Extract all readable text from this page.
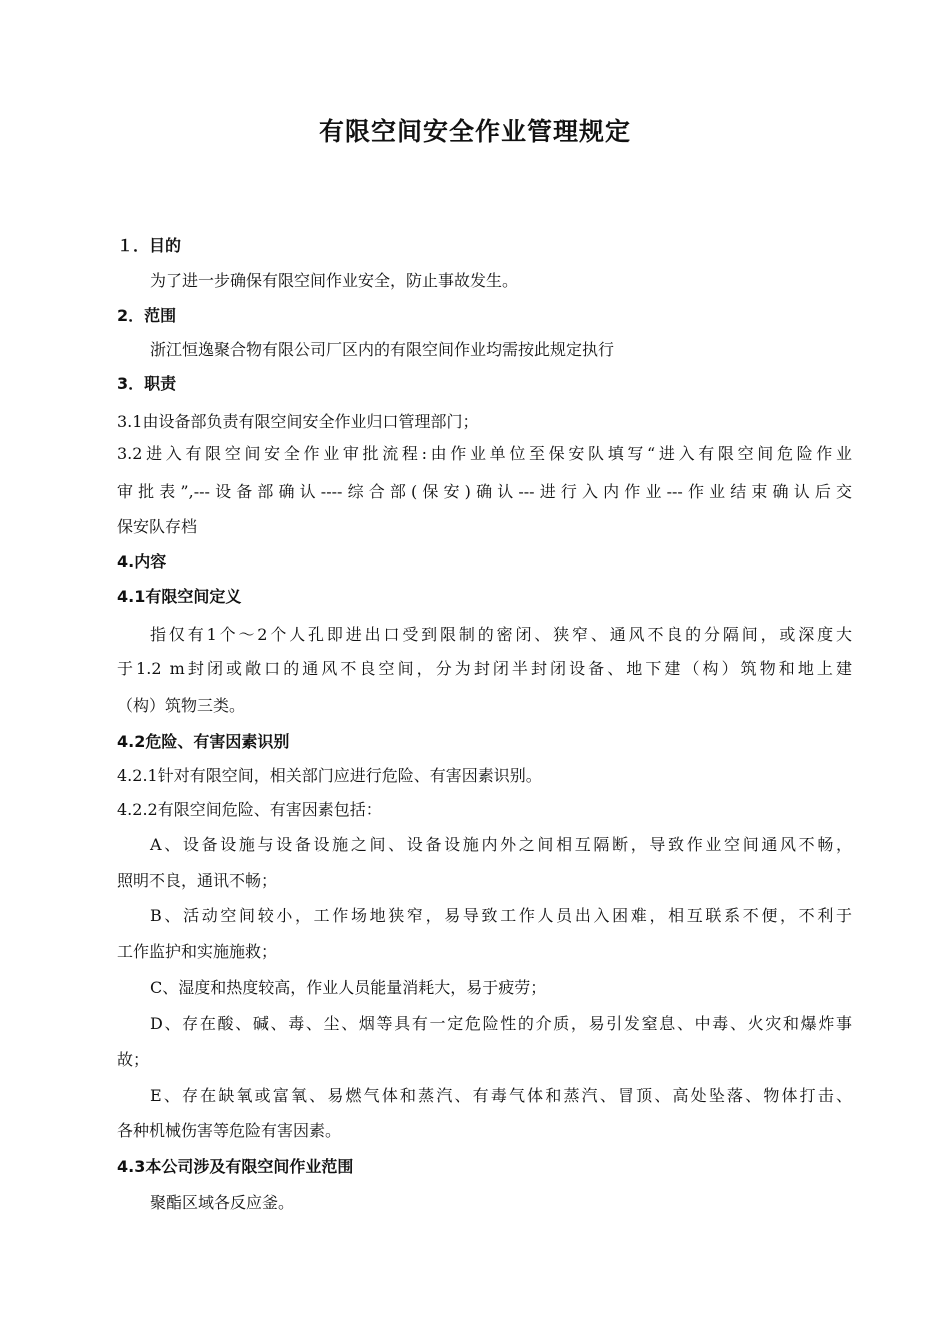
有限空间安全作业管理规定

１．目的

为了进一步确保有限空间作业安全，防止事故发生。

2．范围

浙江恒逸聚合物有限公司厂区内的有限空间作业均需按此规定执行

3．职责

3.1由设备部负责有限空间安全作业归口管理部门；

3.2进入有限空间安全作业审批流程:由作业单位至保安队填写“进入有限空间危险作业

审批表”,---设备部确认----综合部(保安)确认---进行入内作业---作业结束确认后交

保安队存档

4.内容

4.1有限空间定义

指仅有1个～2个人孔即进出口受到限制的密闭、狭窄、通风不良的分隔间，或深度大

于1.2 m封闭或敞口的通风不良空间，分为封闭半封闭设备、地下建（构）筑物和地上建

（构）筑物三类。

4.2危险、有害因素识别

4.2.1针对有限空间，相关部门应进行危险、有害因素识别。

4.2.2有限空间危险、有害因素包括：

A、设备设施与设备设施之间、设备设施内外之间相互隔断，导致作业空间通风不畅，

照明不良，通讯不畅；

B、活动空间较小，工作场地狭窄，易导致工作人员出入困难，相互联系不便，不利于

工作监护和实施施救；

C、湿度和热度较高，作业人员能量消耗大，易于疲劳；

D、存在酸、碱、毒、尘、烟等具有一定危险性的介质，易引发窒息、中毒、火灾和爆炸事

故；

E、存在缺氧或富氧、易燃气体和蒸汽、有毒气体和蒸汽、冒顶、高处坠落、物体打击、

各种机械伤害等危险有害因素。

4.3本公司涉及有限空间作业范围

聚酯区域各反应釜。
